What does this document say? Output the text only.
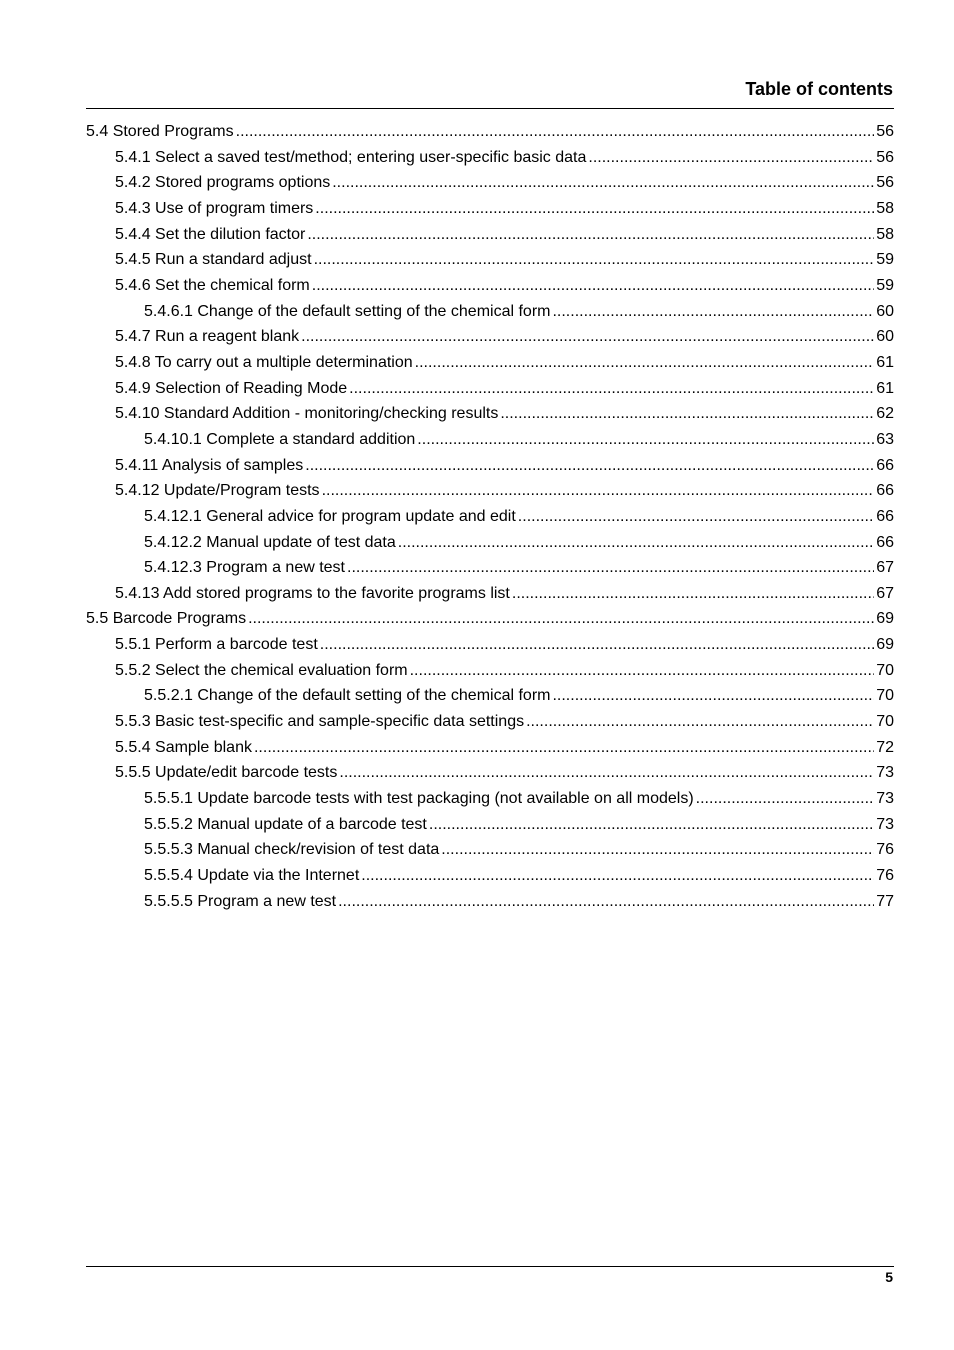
Table of contents
5.4 Stored Programs .....	56
5.4.1 Select a saved test/method; entering user-specific basic data .....	56
5.4.2 Stored programs options .....	56
5.4.3 Use of program timers .....	58
5.4.4 Set the dilution factor .....	58
5.4.5 Run a standard adjust .....	59
5.4.6 Set the chemical form .....	59
5.4.6.1 Change of the default setting of the chemical form .....	60
5.4.7 Run a reagent blank .....	60
5.4.8 To carry out a multiple determination .....	61
5.4.9 Selection of Reading Mode .....	61
5.4.10 Standard Addition - monitoring/checking results .....	62
5.4.10.1 Complete a standard addition .....	63
5.4.11 Analysis of samples .....	66
5.4.12 Update/Program tests .....	66
5.4.12.1 General advice for program update and edit .....	66
5.4.12.2 Manual update of test data .....	66
5.4.12.3 Program a new test .....	67
5.4.13 Add stored programs to the favorite programs list .....	67
5.5 Barcode Programs .....	69
5.5.1 Perform a barcode test .....	69
5.5.2 Select the chemical evaluation form .....	70
5.5.2.1 Change of the default setting of the chemical form .....	70
5.5.3 Basic test-specific and sample-specific data settings .....	70
5.5.4 Sample blank .....	72
5.5.5 Update/edit barcode tests .....	73
5.5.5.1 Update barcode tests with test packaging (not available on all models) .....	73
5.5.5.2 Manual update of a barcode test .....	73
5.5.5.3 Manual check/revision of test data .....	76
5.5.5.4 Update via the Internet .....	76
5.5.5.5 Program a new test .....	77
5
